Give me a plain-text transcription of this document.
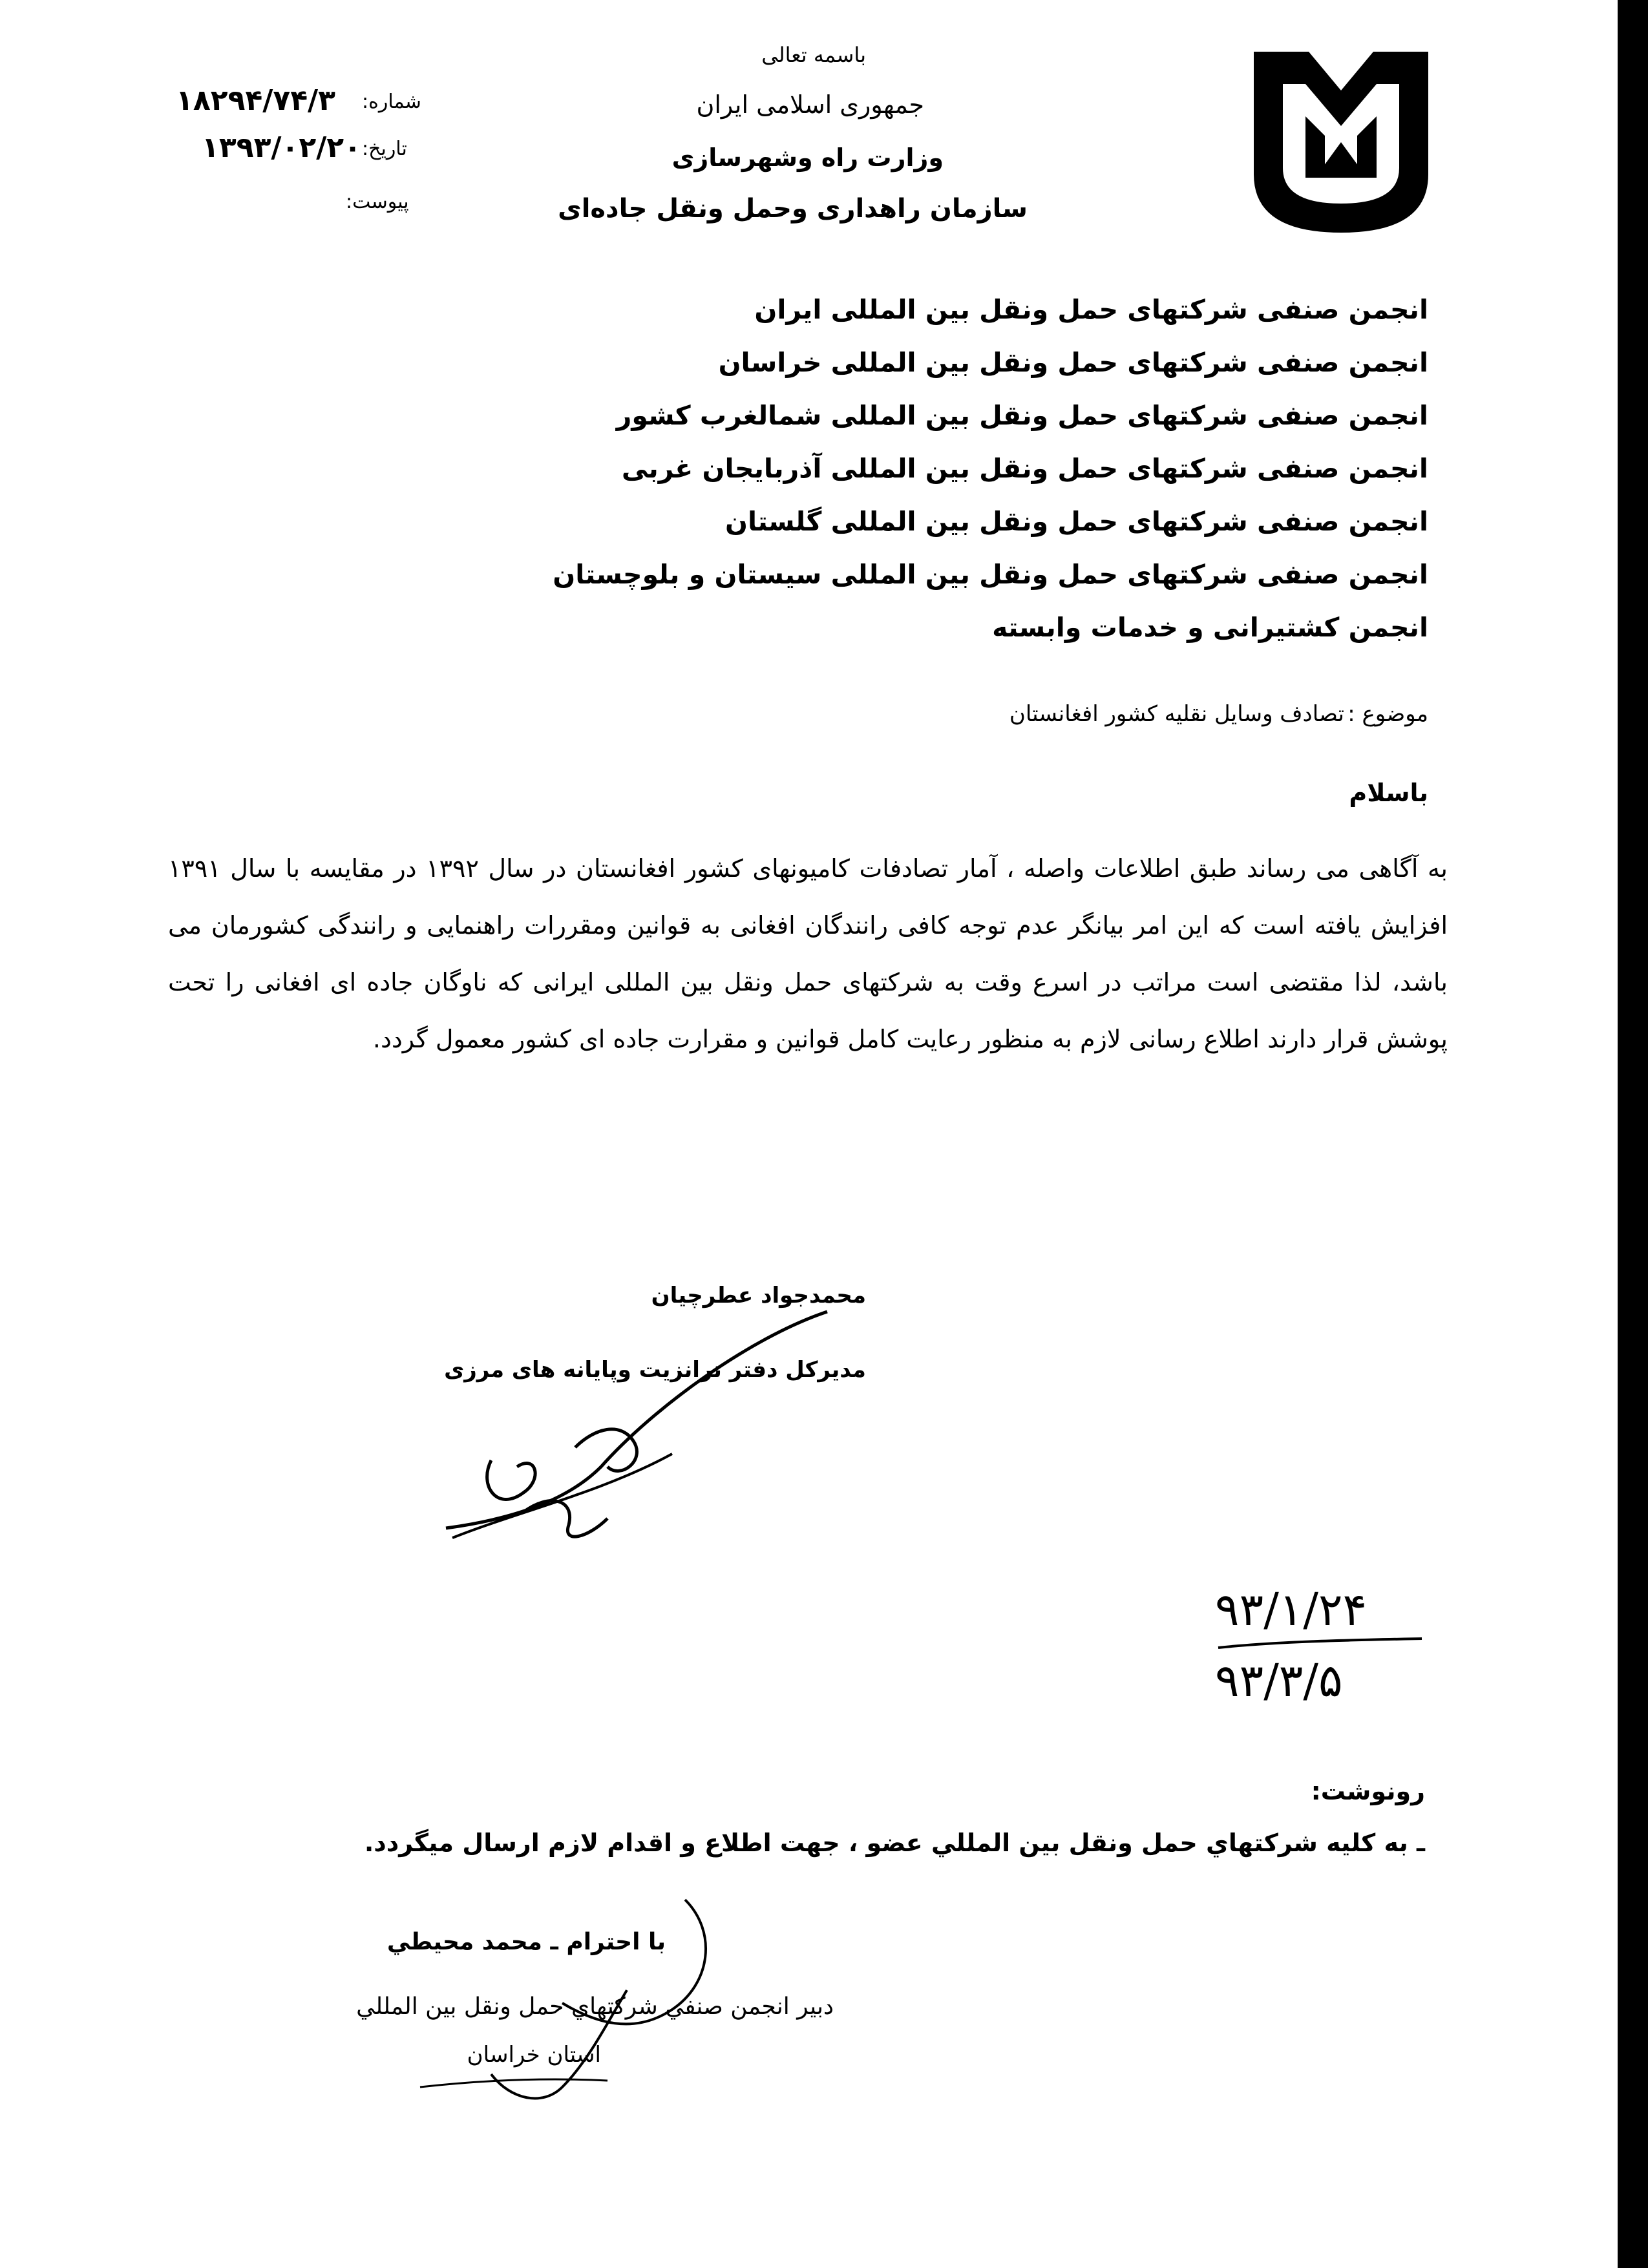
باسمه تعالی
جمهوری اسلامی ایران
وزارت راه وشهرسازی
سازمان راهداری وحمل ونقل جاده‌ای
شماره:
۱۸۲۹۴/۷۴/۳
تاریخ:
۱۳۹۳/۰۲/۲۰
پیوست:
انجمن صنفی شرکتهای حمل ونقل بین المللی ایران
انجمن صنفی شرکتهای حمل ونقل بین المللی خراسان
انجمن صنفی شرکتهای حمل ونقل بین المللی شمالغرب کشور
انجمن صنفی شرکتهای حمل ونقل بین المللی آذربایجان غربی
انجمن صنفی شرکتهای حمل ونقل بین المللی گلستان
انجمن صنفی شرکتهای حمل ونقل بین المللی سیستان و بلوچستان
انجمن کشتیرانی و خدمات وابسته
موضوع :
تصادف وسایل نقلیه کشور افغانستان
باسلام
به آگاهی می رساند طبق اطلاعات واصله ، آمار تصادفات کامیونهای کشور افغانستان در سال ۱۳۹۲ در مقایسه با سال ۱۳۹۱ افزایش یافته است که این امر بیانگر عدم توجه کافی رانندگان افغانی به قوانین ومقررات راهنمایی و رانندگی کشورمان می باشد، لذا مقتضی است مراتب در اسرع وقت به شرکتهای حمل ونقل بین المللی ایرانی که ناوگان جاده ای افغانی را تحت پوشش قرار دارند اطلاع رسانی لازم به منظور رعایت کامل قوانین و مقرارت جاده ای کشور معمول گردد.
محمدجواد عطرچیان
مدیرکل دفتر ترانزیت وپایانه های مرزی
۹۳/۱/۲۴
۹۳/۳/۵
رونوشت:
ـ به كليه شركتهاي حمل ونقل بين المللي عضو ، جهت اطلاع و اقدام لازم ارسال ميگردد.
با احترام ـ محمد محيطي
دبير انجمن صنفي شركتهاي حمل ونقل بين المللي
استان خراسان
